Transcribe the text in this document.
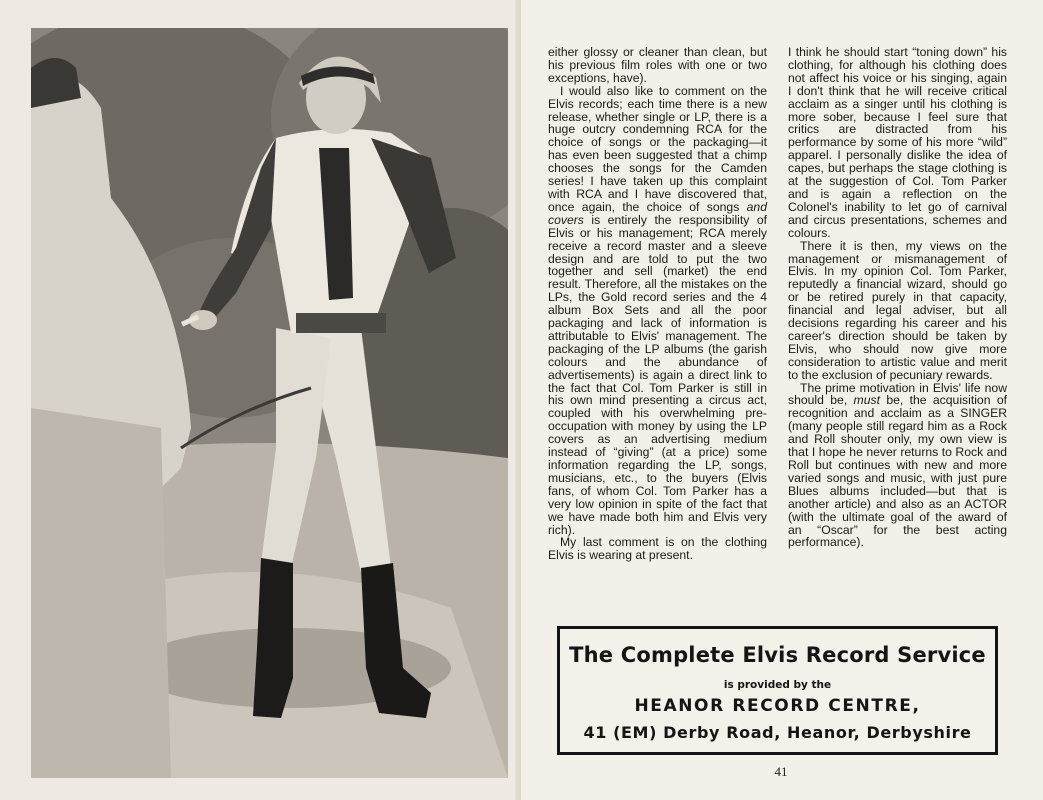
either glossy or cleaner than clean, but his previous film roles with one or two exceptions, have).

I would also like to comment on the Elvis records; each time there is a new release, whether single or LP, there is a huge outcry condemning RCA for the choice of songs or the packaging—it has even been suggested that a chimp chooses the songs for the Camden series! I have taken up this complaint with RCA and I have discovered that, once again, the choice of songs and covers is entirely the responsibility of Elvis or his management; RCA merely receive a record master and a sleeve design and are told to put the two together and sell (market) the end result. Therefore, all the mistakes on the LPs, the Gold record series and the 4 album Box Sets and all the poor packaging and lack of information is attributable to Elvis' management. The packaging of the LP albums (the garish colours and the abundance of advertisements) is again a direct link to the fact that Col. Tom Parker is still in his own mind presenting a circus act, coupled with his overwhelming pre-occupation with money by using the LP covers as an advertising medium instead of “giving” (at a price) some information regarding the LP, songs, musicians, etc., to the buyers (Elvis fans, of whom Col. Tom Parker has a very low opinion in spite of the fact that we have made both him and Elvis very rich).

My last comment is on the clothing Elvis is wearing at present.

I think he should start “toning down” his clothing, for although his clothing does not affect his voice or his singing, again I don't think that he will receive critical acclaim as a singer until his clothing is more sober, because I feel sure that critics are distracted from his performance by some of his more “wild” apparel. I personally dislike the idea of capes, but perhaps the stage clothing is at the suggestion of Col. Tom Parker and is again a reflection on the Colonel's inability to let go of carnival and circus presentations, schemes and colours.

There it is then, my views on the management or mismanagement of Elvis. In my opinion Col. Tom Parker, reputedly a financial wizard, should go or be retired purely in that capacity, financial and legal adviser, but all decisions regarding his career and his career's direction should be taken by Elvis, who should now give more consideration to artistic value and merit to the exclusion of pecuniary rewards.

The prime motivation in Elvis' life now should be, must be, the acquisition of recognition and acclaim as a SINGER (many people still regard him as a Rock and Roll shouter only, my own view is that I hope he never returns to Rock and Roll but continues with new and more varied songs and music, with just pure Blues albums included—but that is another article) and also as an ACTOR (with the ultimate goal of the award of an “Oscar” for the best acting performance).

The Complete Elvis Record Service
is provided by the
HEANOR RECORD CENTRE,
41 (EM) Derby Road, Heanor, Derbyshire
41
